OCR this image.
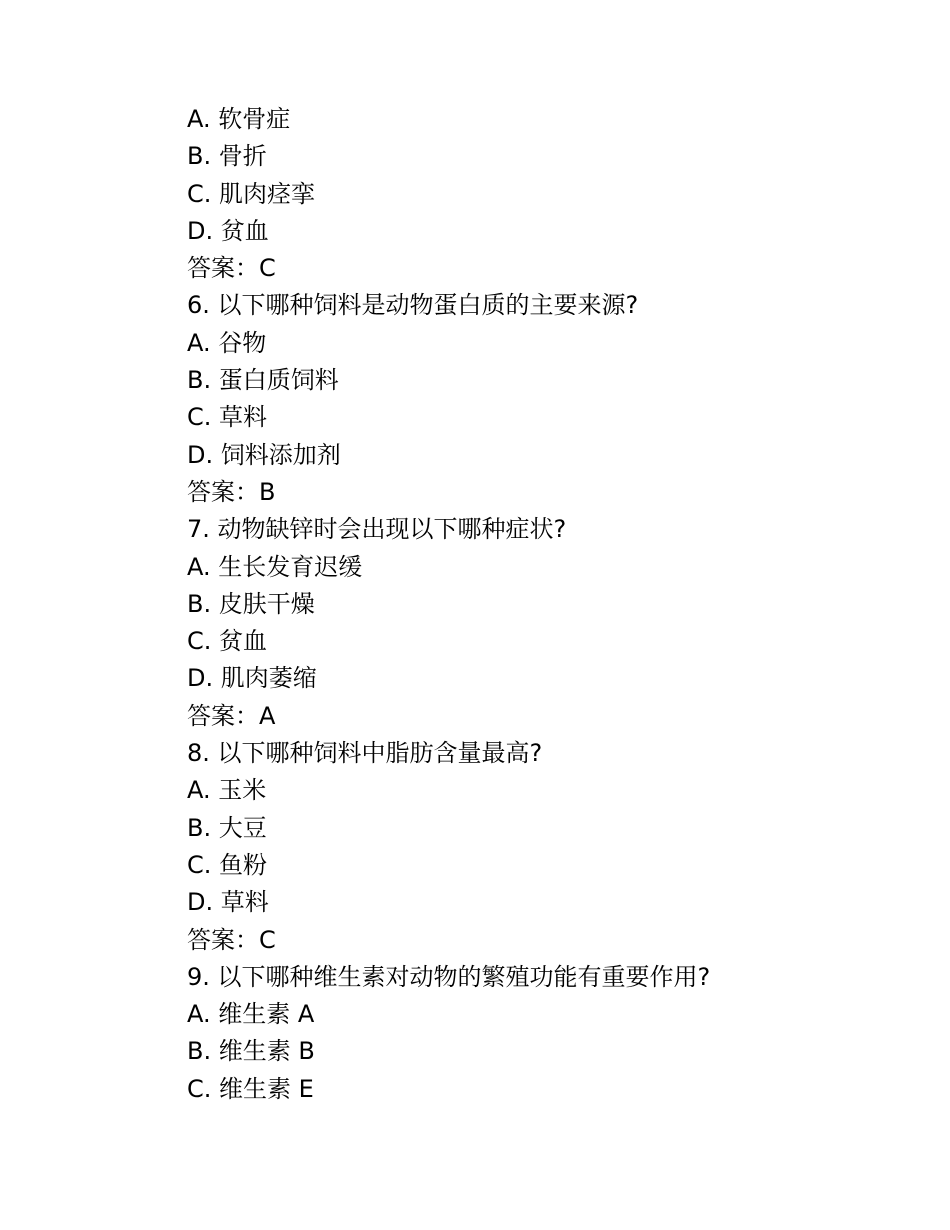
A. 软骨症
B. 骨折
C. 肌肉痉挛
D. 贫血
答案：C
6. 以下哪种饲料是动物蛋白质的主要来源?
A. 谷物
B. 蛋白质饲料
C. 草料
D. 饲料添加剂
答案：B
7. 动物缺锌时会出现以下哪种症状?
A. 生长发育迟缓
B. 皮肤干燥
C. 贫血
D. 肌肉萎缩
答案：A
8. 以下哪种饲料中脂肪含量最高?
A. 玉米
B. 大豆
C. 鱼粉
D. 草料
答案：C
9. 以下哪种维生素对动物的繁殖功能有重要作用?
A. 维生素 A
B. 维生素 B
C. 维生素 E
